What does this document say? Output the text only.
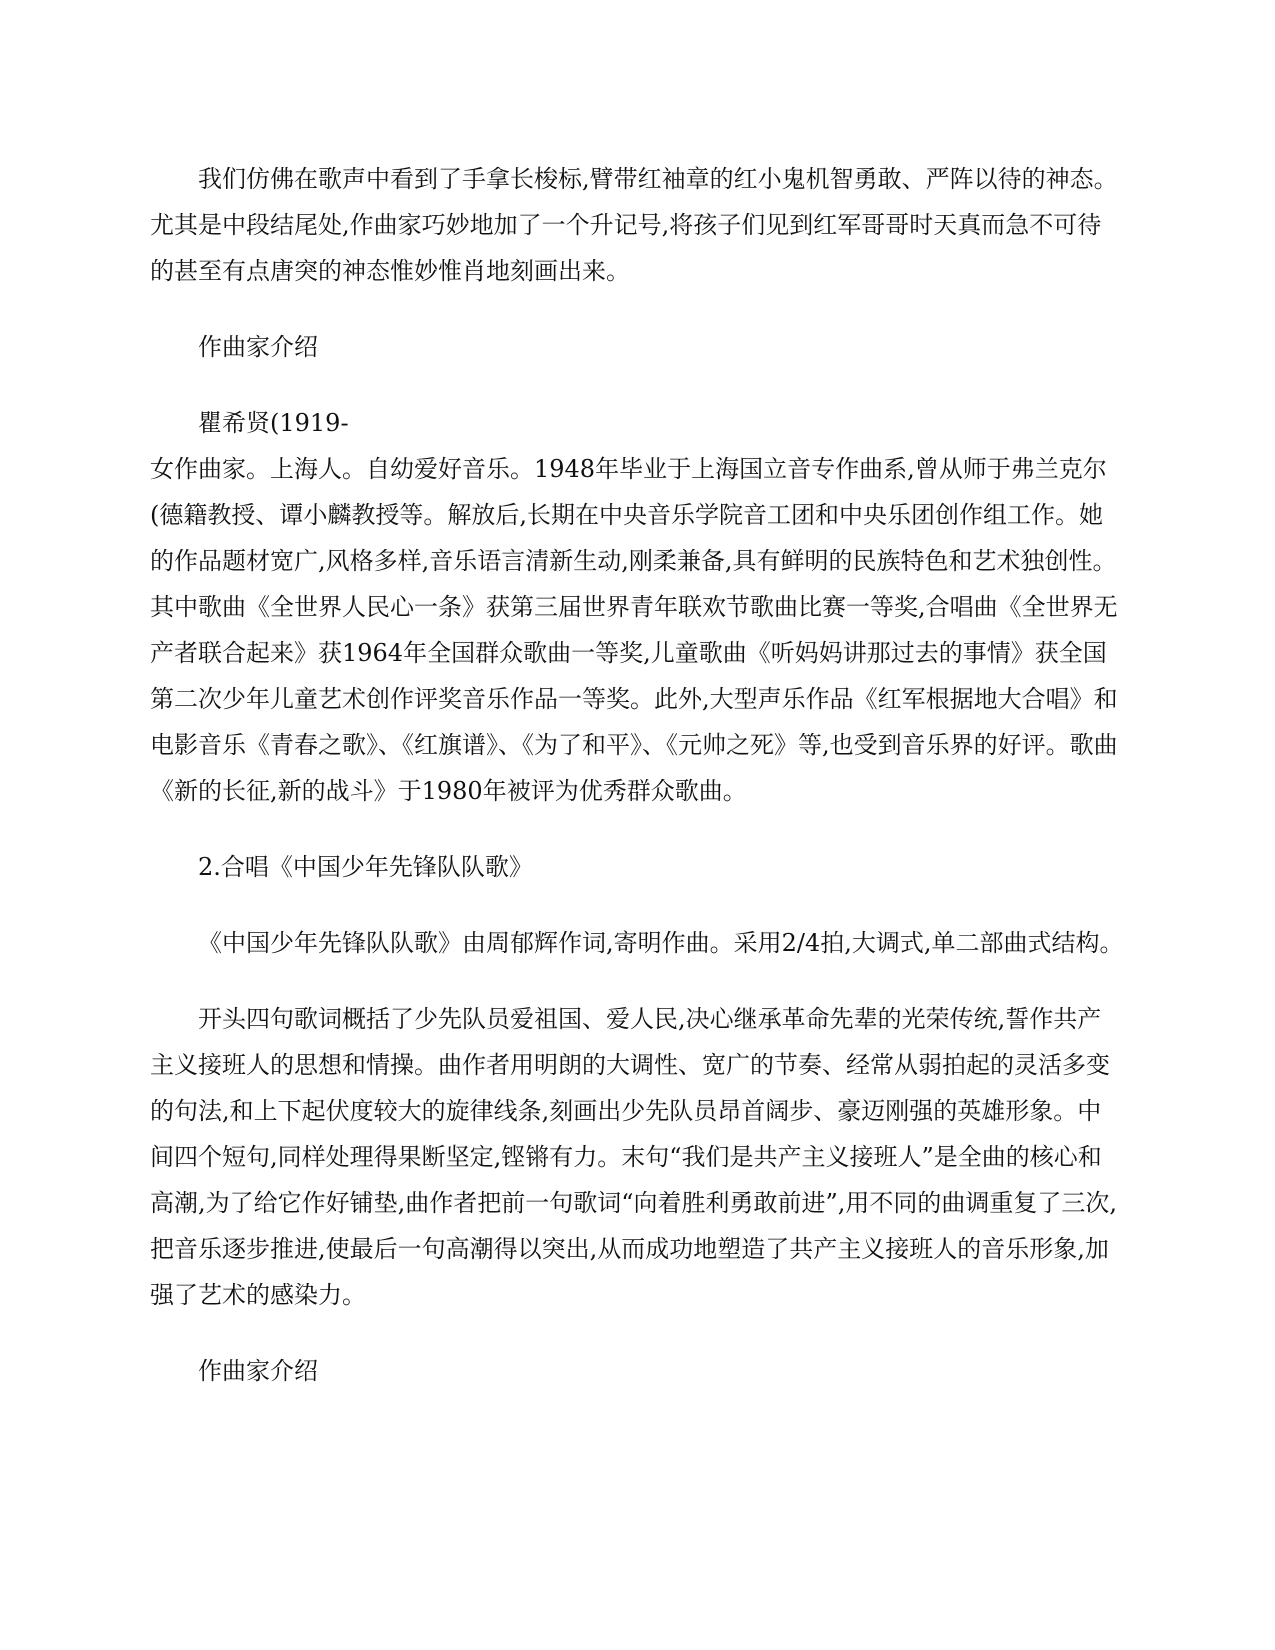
我们仿佛在歌声中看到了手拿长梭标,臂带红袖章的红小鬼机智勇敢、严阵以待的神态。尤其是中段结尾处,作曲家巧妙地加了一个升记号,将孩子们见到红军哥哥时天真而急不可待的甚至有点唐突的神态惟妙惟肖地刻画出来。

作曲家介绍

瞿希贤(1919-

女作曲家。上海人。自幼爱好音乐。1948年毕业于上海国立音专作曲系,曾从师于弗兰克尔(德籍教授、谭小麟教授等。解放后,长期在中央音乐学院音工团和中央乐团创作组工作。她的作品题材宽广,风格多样,音乐语言清新生动,刚柔兼备,具有鲜明的民族特色和艺术独创性。其中歌曲《全世界人民心一条》获第三届世界青年联欢节歌曲比赛一等奖,合唱曲《全世界无产者联合起来》获1964年全国群众歌曲一等奖,儿童歌曲《听妈妈讲那过去的事情》获全国第二次少年儿童艺术创作评奖音乐作品一等奖。此外,大型声乐作品《红军根据地大合唱》和电影音乐《青春之歌》、《红旗谱》、《为了和平》、《元帅之死》等,也受到音乐界的好评。歌曲《新的长征,新的战斗》于1980年被评为优秀群众歌曲。

2.合唱《中国少年先锋队队歌》

《中国少年先锋队队歌》由周郁辉作词,寄明作曲。采用2/4拍,大调式,单二部曲式结构。

开头四句歌词概括了少先队员爱祖国、爱人民,决心继承革命先辈的光荣传统,誓作共产主义接班人的思想和情操。曲作者用明朗的大调性、宽广的节奏、经常从弱拍起的灵活多变的句法,和上下起伏度较大的旋律线条,刻画出少先队员昂首阔步、豪迈刚强的英雄形象。中间四个短句,同样处理得果断坚定,铿锵有力。末句“我们是共产主义接班人”是全曲的核心和高潮,为了给它作好铺垫,曲作者把前一句歌词“向着胜利勇敢前进”,用不同的曲调重复了三次,把音乐逐步推进,使最后一句高潮得以突出,从而成功地塑造了共产主义接班人的音乐形象,加强了艺术的感染力。

作曲家介绍
